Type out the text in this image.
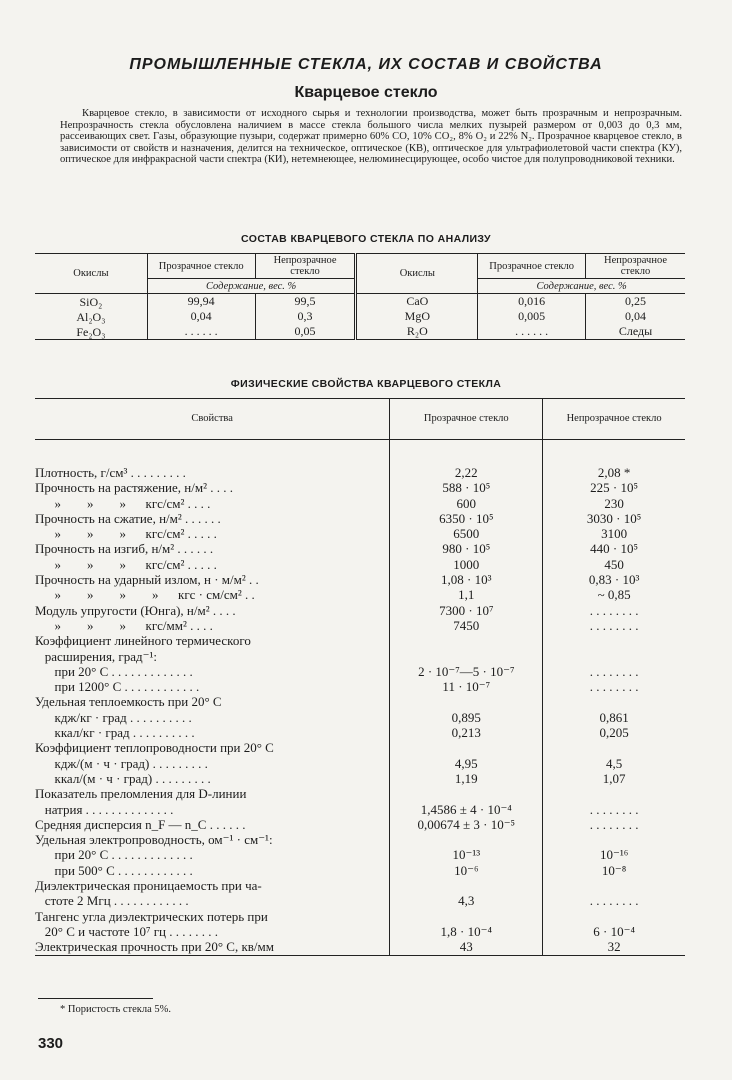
ПРОМЫШЛЕННЫЕ СТЕКЛА, ИХ СОСТАВ И СВОЙСТВА
Кварцевое стекло

Кварцевое стекло, в зависимости от исходного сырья и технологии производства, может быть прозрачным и непрозрачным. Непрозрачность стекла обусловлена наличием в массе стекла большого числа мелких пузырей размером от 0,003 до 0,3 мм, рассеивающих свет. Газы, образующие пузыри, содержат примерно 60% CO, 10% CO₂, 8% O₂ и 22% N₂. Прозрачное кварцевое стекло, в зависимости от свойств и назначения, делится на техническое, оптическое (КВ), оптическое для ультрафиолетовой части спектра (КУ), оптическое для инфракрасной части спектра (КИ), нетемнеющее, нелюминесцирующее, особо чистое для полупроводниковой техники.

СОСТАВ КВАРЦЕВОГО СТЕКЛА ПО АНАЛИЗУ
Окислы	Прозрачное стекло	Непрозрачное стекло	Окислы	Прозрачное стекло	Непрозрачное стекло
	Содержание, вес. %			Содержание, вес. %	
SiO₂	99,94	99,5	CaO	0,016	0,25
Al₂O₃	0,04	0,3	MgO	0,005	0,04
Fe₂O₃	. . . . . .	0,05	R₂O	. . . . . .	Следы
ФИЗИЧЕСКИЕ СВОЙСТВА КВАРЦЕВОГО СТЕКЛА
Свойства	Прозрачное стекло	Непрозрачное стекло

Плотность, г/см³ . . . . . . . . .	2,22	2,08 *

Прочность на растяжение, н/м² . . . .	588 · 10⁵	225 · 10⁵

»        »        »      кгс/см² . . . .	600	230

Прочность на сжатие, н/м² . . . . . .	6350 · 10⁵	3030 · 10⁵

»        »        »      кгс/см² . . . . .	6500	3100

Прочность на изгиб, н/м² . . . . . .	980 · 10⁵	440 · 10⁵

»        »        »      кгс/см² . . . . .	1000	450

Прочность на ударный излом, н · м/м² . .	1,08 · 10³	0,83 · 10³

»        »        »        »      кгс · см/см² . .	1,1	~ 0,85

Модуль упругости (Юнга), н/м² . . . .	7300 · 10⁷	. . . . . . . .

»        »        »      кгс/мм² . . . .	7450	. . . . . . . .

Коэффициент линейного термического		

расширения, град⁻¹:		

при 20° С . . . . . . . . . . . . .	2 · 10⁻⁷—5 · 10⁻⁷	. . . . . . . .

при 1200° С . . . . . . . . . . . .	11 · 10⁻⁷	. . . . . . . .

Удельная теплоемкость при 20° С		

кдж/кг · град . . . . . . . . . .	0,895	0,861

ккал/кг · град . . . . . . . . . .	0,213	0,205

Коэффициент теплопроводности при 20° С		

кдж/(м · ч · град) . . . . . . . . .	4,95	4,5

ккал/(м · ч · град) . . . . . . . . .	1,19	1,07

Показатель преломления для D-линии		

натрия . . . . . . . . . . . . . .	1,4586 ± 4 · 10⁻⁴	. . . . . . . .

Средняя дисперсия n_F — n_C . . . . . .	0,00674 ± 3 · 10⁻⁵	. . . . . . . .

Удельная электропроводность, ом⁻¹ · см⁻¹:		

при 20° С . . . . . . . . . . . . .	10⁻¹³	10⁻¹⁶

при 500° С . . . . . . . . . . . .	10⁻⁶	10⁻⁸

Диэлектрическая проницаемость при ча-		

стоте 2 Мгц . . . . . . . . . . . .	4,3	. . . . . . . .

Тангенс угла диэлектрических потерь при		

20° С и частоте 10⁷ гц . . . . . . . .	1,8 · 10⁻⁴	6 · 10⁻⁴

Электрическая прочность при 20° С, кв/мм	43	32
* Пористость стекла 5%.
330
